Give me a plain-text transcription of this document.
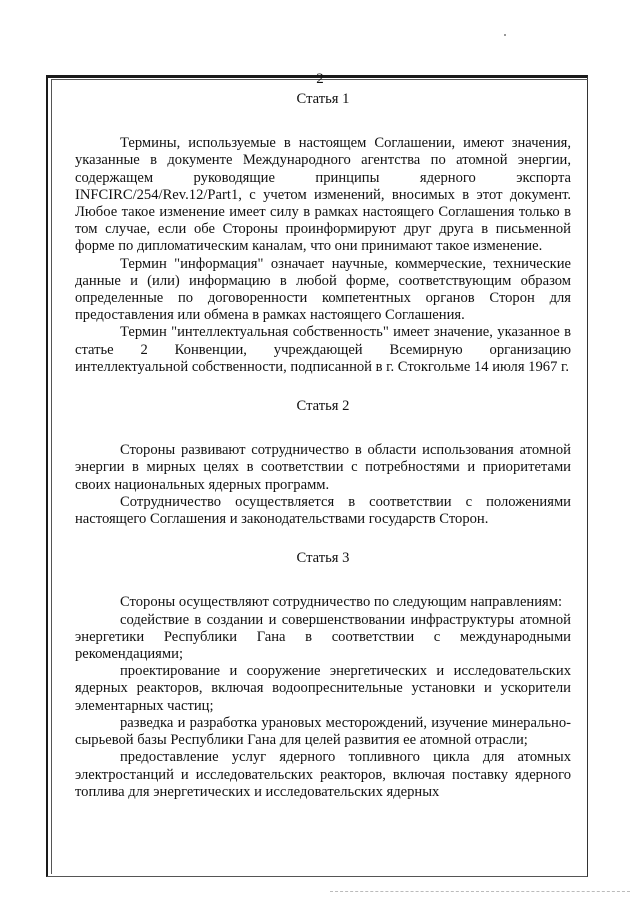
2

Статья 1

Термины, используемые в настоящем Соглашении, имеют значения, указанные в документе Международного агентства по атомной энергии, содержащем руководящие принципы ядерного экспорта INFCIRC/254/Rev.12/Part1, с учетом изменений, вносимых в этот документ. Любое такое изменение имеет силу в рамках настоящего Соглашения только в том случае, если обе Стороны проинформируют друг друга в письменной форме по дипломатическим каналам, что они принимают такое изменение.

Термин "информация" означает научные, коммерческие, технические данные и (или) информацию в любой форме, соответствующим образом определенные по договоренности компетентных органов Сторон для предоставления или обмена в рамках настоящего Соглашения.

Термин "интеллектуальная собственность" имеет значение, указанное в статье 2 Конвенции, учреждающей Всемирную организацию интеллектуальной собственности, подписанной в г. Стокгольме 14 июля 1967 г.

Статья 2

Стороны развивают сотрудничество в области использования атомной энергии в мирных целях в соответствии с потребностями и приоритетами своих национальных ядерных программ.

Сотрудничество осуществляется в соответствии с положениями настоящего Соглашения и законодательствами государств Сторон.

Статья 3

Стороны осуществляют сотрудничество по следующим направлениям:

содействие в создании и совершенствовании инфраструктуры атомной энергетики Республики Гана в соответствии с международными рекомендациями;

проектирование и сооружение энергетических и исследовательских ядерных реакторов, включая водоопреснительные установки и ускорители элементарных частиц;

разведка и разработка урановых месторождений, изучение минерально-сырьевой базы Республики Гана для целей развития ее атомной отрасли;

предоставление услуг ядерного топливного цикла для атомных электростанций и исследовательских реакторов, включая поставку ядерного топлива для энергетических и исследовательских ядерных
